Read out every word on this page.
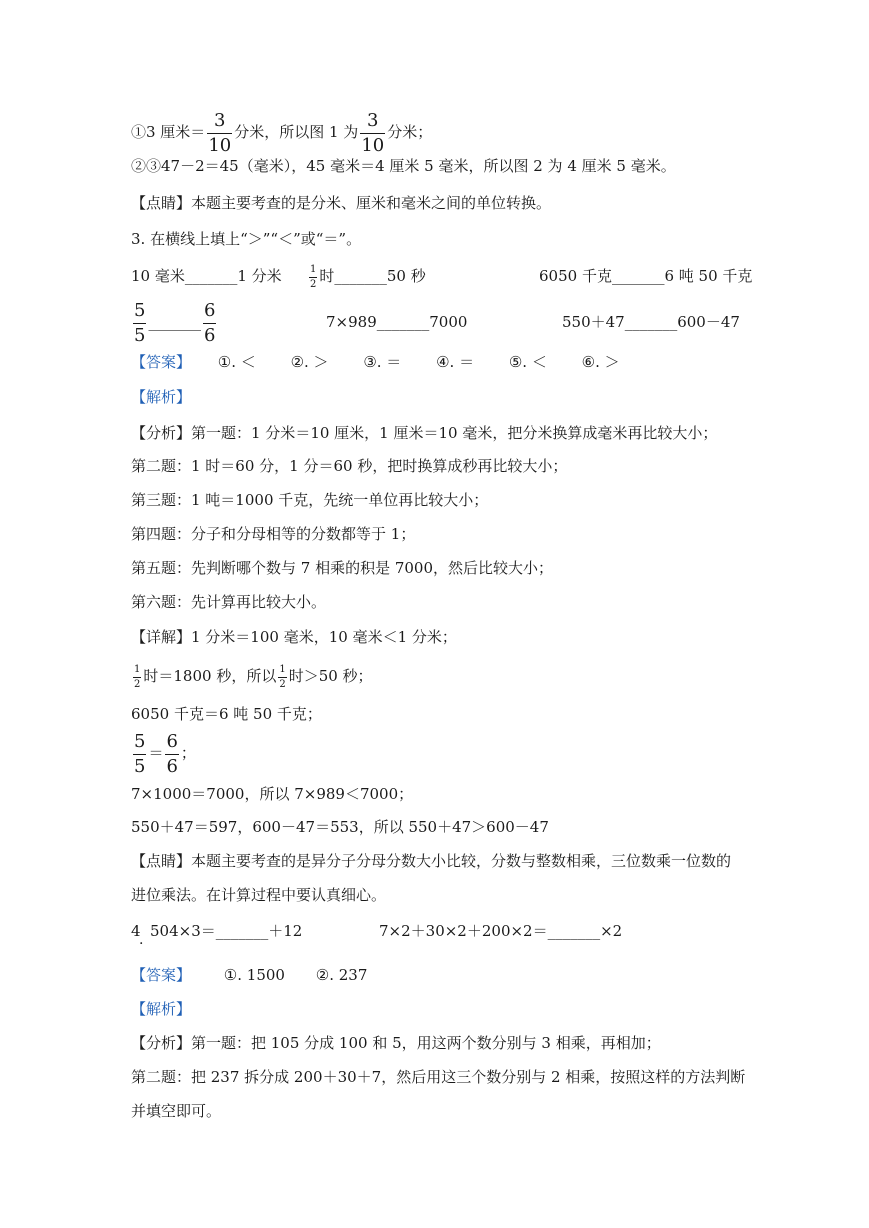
①3 厘米＝ $\frac{3}{10}$ 分米，所以图 1 为 $\frac{3}{10}$ 分米；
②③47－2＝45（毫米），45 毫米＝4 厘米 5 毫米，所以图 2 为 4 厘米 5 毫米。
【点睛】本题主要考查的是分米、厘米和毫米之间的单位转换。
3. 在横线上填上“＞”“＜”或“＝”。
10 毫米_______1 分米	$\frac{1}{2}$ 时_______50 秒	6050 千克_______6 吨 50 千克
$\frac{5}{5}$ _______ $\frac{6}{6}$	7×989_______7000	550＋47_______600－47
【答案】 ①. ＜ ②. ＞ ③. ＝ ④. ＝ ⑤. ＜ ⑥. ＞
【解析】
【分析】第一题：1 分米＝10 厘米，1 厘米＝10 毫米，把分米换算成毫米再比较大小；
第二题：1 时＝60 分，1 分＝60 秒，把时换算成秒再比较大小；
第三题：1 吨＝1000 千克，先统一单位再比较大小；
第四题：分子和分母相等的分数都等于 1；
第五题：先判断哪个数与 7 相乘的积是 7000，然后比较大小；
第六题：先计算再比较大小。
【详解】1 分米＝100 毫米，10 毫米＜1 分米；
$\frac{1}{2}$ 时＝1800 秒，所以 $\frac{1}{2}$ 时＞50 秒；
6050 千克＝6 吨 50 千克；
$\frac{5}{5} = \frac{6}{6}$ ；
7×1000＝7000，所以 7×989＜7000；
550＋47＝597，600－47＝553，所以 550＋47＞600－47
【点睛】本题主要考查的是异分子分母分数大小比较，分数与整数相乘，三位数乘一位数的
进位乘法。在计算过程中要认真细心。
4
. 504×3＝_______＋12	7×2＋30×2＋200×2＝_______×2
【答案】 ①. 1500 ②. 237
【解析】
【分析】第一题：把 105 分成 100 和 5，用这两个数分别与 3 相乘，再相加；
第二题：把 237 拆分成 200＋30＋7，然后用这三个数分别与 2 相乘，按照这样的方法判断
并填空即可。
